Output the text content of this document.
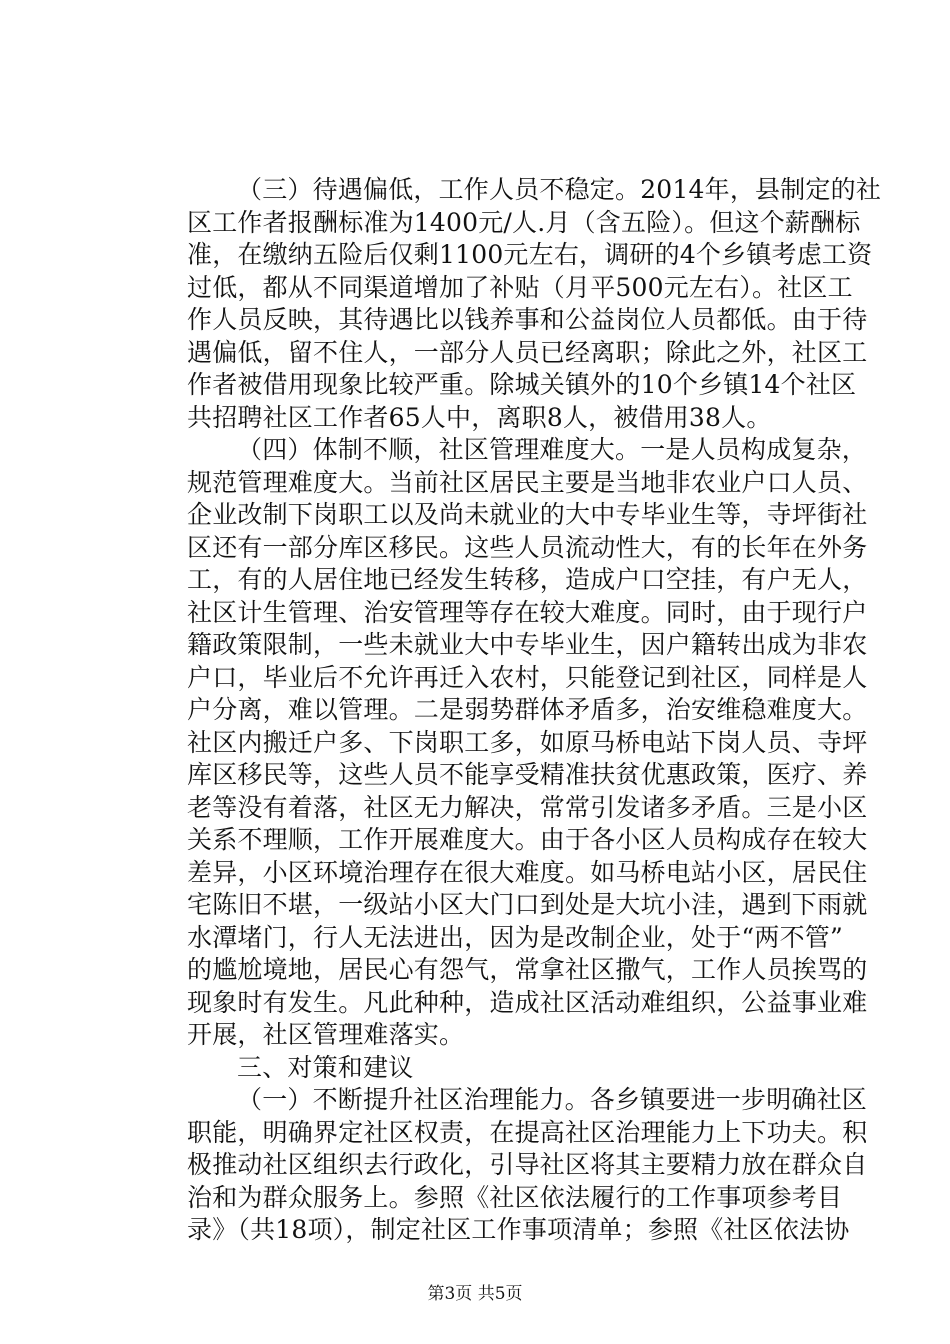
（三）待遇偏低，工作人员不稳定。2014年，县制定的社
区工作者报酬标准为1400元/人.月（含五险）。但这个薪酬标
准，在缴纳五险后仅剩1100元左右，调研的4个乡镇考虑工资
过低，都从不同渠道增加了补贴（月平500元左右）。社区工
作人员反映，其待遇比以钱养事和公益岗位人员都低。由于待
遇偏低，留不住人，一部分人员已经离职；除此之外，社区工
作者被借用现象比较严重。除城关镇外的10个乡镇14个社区
共招聘社区工作者65人中，离职8人，被借用38人。
（四）体制不顺，社区管理难度大。一是人员构成复杂，
规范管理难度大。当前社区居民主要是当地非农业户口人员、
企业改制下岗职工以及尚未就业的大中专毕业生等，寺坪街社
区还有一部分库区移民。这些人员流动性大，有的长年在外务
工，有的人居住地已经发生转移，造成户口空挂，有户无人，
社区计生管理、治安管理等存在较大难度。同时，由于现行户
籍政策限制，一些未就业大中专毕业生，因户籍转出成为非农
户口，毕业后不允许再迁入农村，只能登记到社区，同样是人
户分离，难以管理。二是弱势群体矛盾多，治安维稳难度大。
社区内搬迁户多、下岗职工多，如原马桥电站下岗人员、寺坪
库区移民等，这些人员不能享受精准扶贫优惠政策，医疗、养
老等没有着落，社区无力解决，常常引发诸多矛盾。三是小区
关系不理顺，工作开展难度大。由于各小区人员构成存在较大
差异，小区环境治理存在很大难度。如马桥电站小区，居民住
宅陈旧不堪，一级站小区大门口到处是大坑小洼，遇到下雨就
水潭堵门，行人无法进出，因为是改制企业，处于“两不管”
的尴尬境地，居民心有怨气，常拿社区撒气，工作人员挨骂的
现象时有发生。凡此种种，造成社区活动难组织，公益事业难
开展，社区管理难落实。
三、对策和建议
（一）不断提升社区治理能力。各乡镇要进一步明确社区
职能，明确界定社区权责，在提高社区治理能力上下功夫。积
极推动社区组织去行政化，引导社区将其主要精力放在群众自
治和为群众服务上。参照《社区依法履行的工作事项参考目
录》（共18项），制定社区工作事项清单；参照《社区依法协
第3页 共5页
